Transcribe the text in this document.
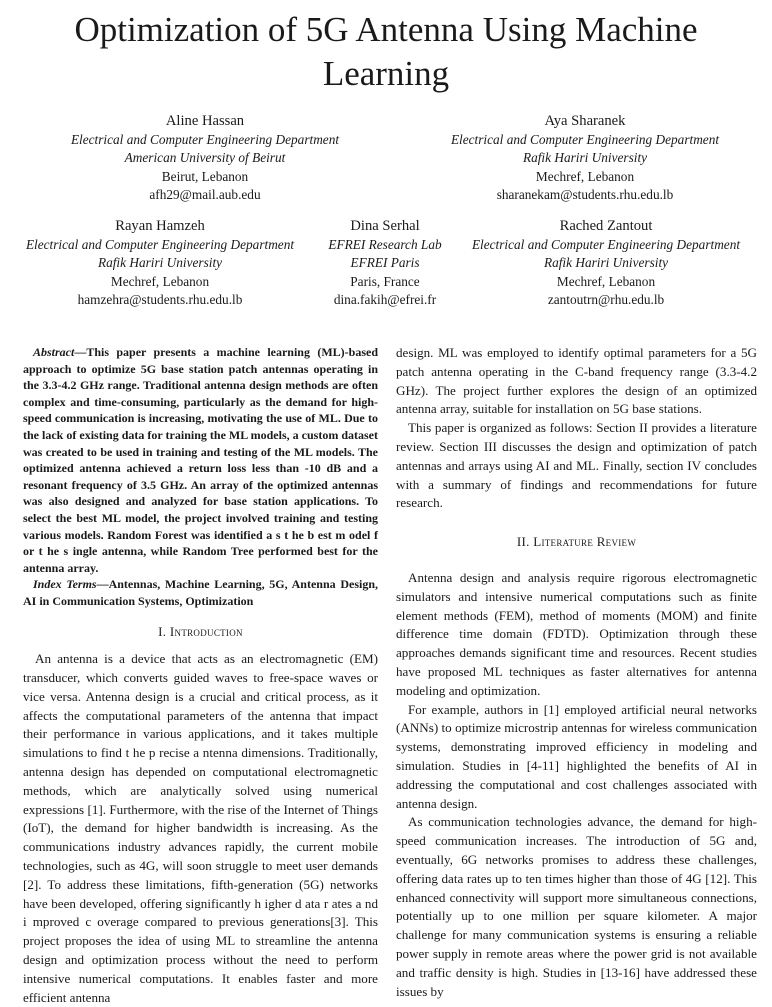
Optimization of 5G Antenna Using Machine Learning
Aline Hassan
Electrical and Computer Engineering Department
American University of Beirut
Beirut, Lebanon
afh29@mail.aub.edu
Aya Sharanek
Electrical and Computer Engineering Department
Rafik Hariri University
Mechref, Lebanon
sharanekam@students.rhu.edu.lb
Rayan Hamzeh
Electrical and Computer Engineering Department
Rafik Hariri University
Mechref, Lebanon
hamzehra@students.rhu.edu.lb
Dina Serhal
EFREI Research Lab
EFREI Paris
Paris, France
dina.fakih@efrei.fr
Rached Zantout
Electrical and Computer Engineering Department
Rafik Hariri University
Mechref, Lebanon
zantoutrn@rhu.edu.lb

Abstract—This paper presents a machine learning (ML)-based approach to optimize 5G base station patch antennas operating in the 3.3-4.2 GHz range. Traditional antenna design methods are often complex and time-consuming, particularly as the demand for high-speed communication is increasing, motivating the use of ML. Due to the lack of existing data for training the ML models, a custom dataset was created to be used in training and testing of the ML models. The optimized antenna achieved a return loss less than -10 dB and a resonant frequency of 3.5 GHz. An array of the optimized antennas was also designed and analyzed for base station applications. To select the best ML model, the project involved training and testing various models. Random Forest was identified a s t he b est m odel f or t he s ingle antenna, while Random Tree performed best for the antenna array.

Index Terms—Antennas, Machine Learning, 5G, Antenna Design, AI in Communication Systems, Optimization

I. Introduction

An antenna is a device that acts as an electromagnetic (EM) transducer, which converts guided waves to free-space waves or vice versa. Antenna design is a crucial and critical process, as it affects the computational parameters of the antenna that impact their performance in various applications, and it takes multiple simulations to find t he p recise a ntenna dimensions. Traditionally, antenna design has depended on computational electromagnetic methods, which are analytically solved using numerical expressions [1]. Furthermore, with the rise of the Internet of Things (IoT), the demand for higher bandwidth is increasing. As the communications industry advances rapidly, the current mobile technologies, such as 4G, will soon struggle to meet user demands [2]. To address these limitations, fifth-generation (5G) networks have been developed, offering significantly h igher d ata r ates a nd i mproved c overage compared to previous generations[3]. This project proposes the idea of using ML to streamline the antenna design and optimization process without the need to perform intensive numerical computations. It enables faster and more efficient antenna

design. ML was employed to identify optimal parameters for a 5G patch antenna operating in the C-band frequency range (3.3-4.2 GHz). The project further explores the design of an optimized antenna array, suitable for installation on 5G base stations.

This paper is organized as follows: Section II provides a literature review. Section III discusses the design and optimization of patch antennas and arrays using AI and ML. Finally, section IV concludes with a summary of findings and recommendations for future research.

II. Literature Review

Antenna design and analysis require rigorous electromagnetic simulators and intensive numerical computations such as finite element methods (FEM), method of moments (MOM) and finite difference time domain (FDTD). Optimization through these approaches demands significant time and resources. Recent studies have proposed ML techniques as faster alternatives for antenna modeling and optimization.

For example, authors in [1] employed artificial neural networks (ANNs) to optimize microstrip antennas for wireless communication systems, demonstrating improved efficiency in modeling and simulation. Studies in [4-11] highlighted the benefits of AI in addressing the computational and cost challenges associated with antenna design.

As communication technologies advance, the demand for high-speed communication increases. The introduction of 5G and, eventually, 6G networks promises to address these challenges, offering data rates up to ten times higher than those of 4G [12]. This enhanced connectivity will support more simultaneous connections, potentially up to one million per square kilometer. A major challenge for many communication systems is ensuring a reliable power supply in remote areas where the power grid is not available and traffic density is high. Studies in [13-16] have addressed these issues by
